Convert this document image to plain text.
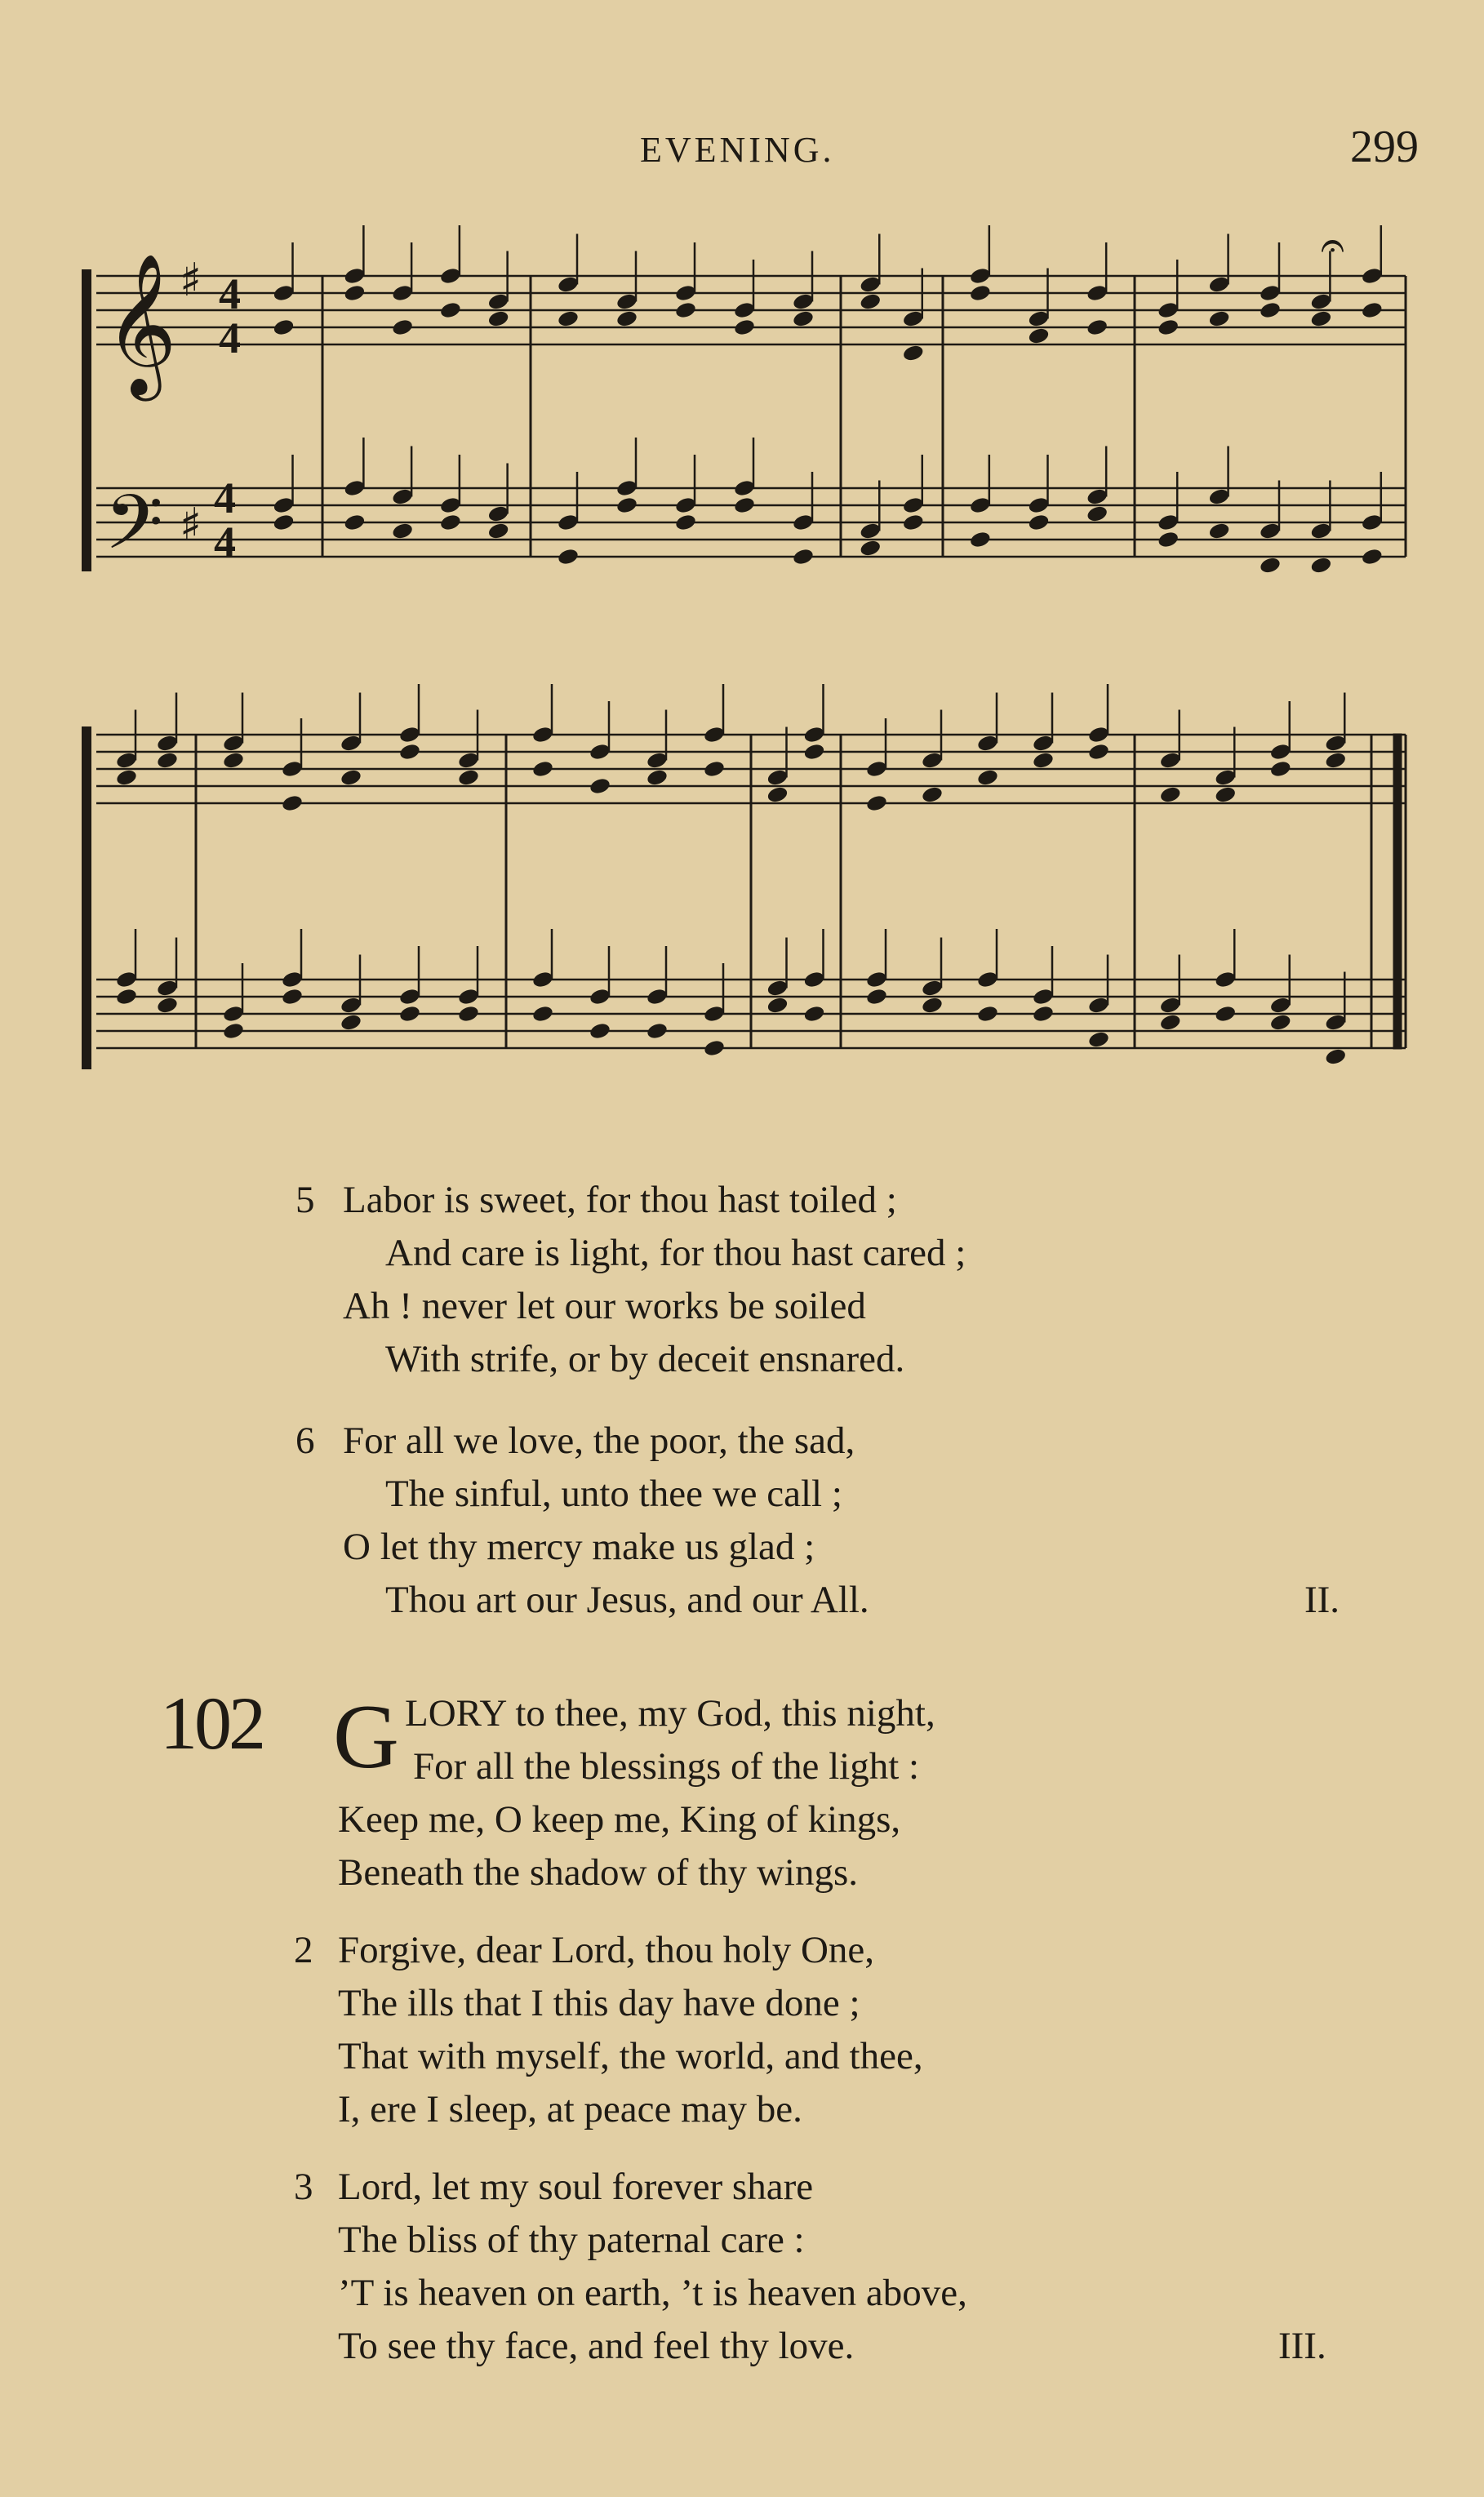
EVENING.	299
𝄞
𝄢
♯
♯
𝄐
4
4
4
4
5 Labor is sweet, for thou hast toiled ;
And care is light, for thou hast cared ;
Ah ! never let our works be soiled
With strife, or by deceit ensnared.
6 For all we love, the poor, the sad,
The sinful, unto thee we call ;
O let thy mercy make us glad ;
Thou art our Jesus, and our All.	II.
102 G LORY to thee, my God, this night,
For all the blessings of the light :
Keep me, O keep me, King of kings,
Beneath the shadow of thy wings.
2 Forgive, dear Lord, thou holy One,
The ills that I this day have done ;
That with myself, the world, and thee,
I, ere I sleep, at peace may be.
3 Lord, let my soul forever share
The bliss of thy paternal care :
’T is heaven on earth, ’t is heaven above,
To see thy face, and feel thy love.	III.
